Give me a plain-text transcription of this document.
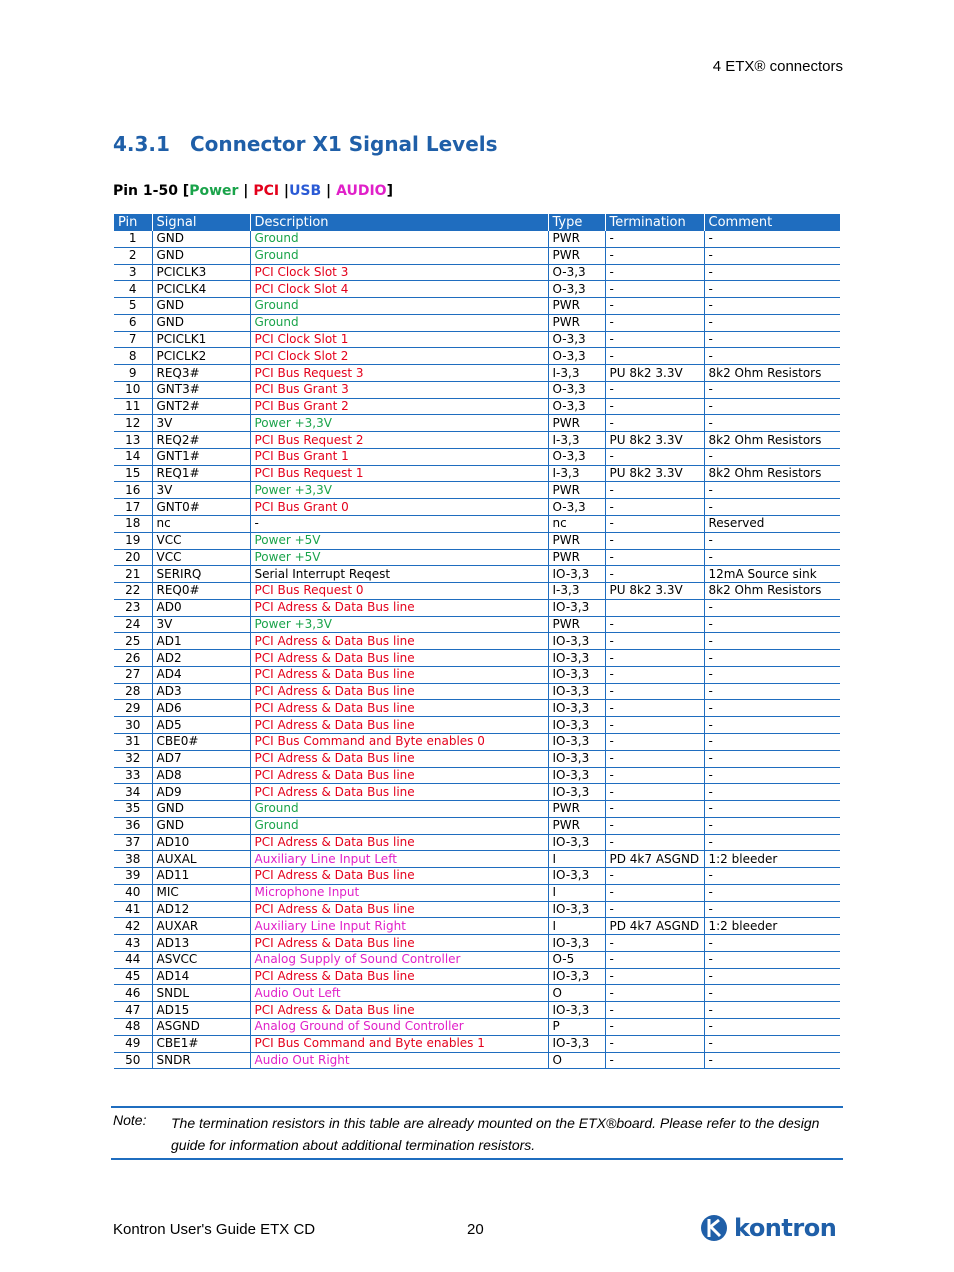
4 ETX® connectors
4.3.1 Connector X1 Signal Levels
Pin 1-50 [Power | PCI |USB | AUDIO]
Pin	Signal	Description	Type	Termination	Comment
1	GND	Ground	PWR	-	-
2	GND	Ground	PWR	-	-
3	PCICLK3	PCI Clock Slot 3	O-3,3	-	-
4	PCICLK4	PCI Clock Slot 4	O-3,3	-	-
5	GND	Ground	PWR	-	-
6	GND	Ground	PWR	-	-
7	PCICLK1	PCI Clock Slot 1	O-3,3	-	-
8	PCICLK2	PCI Clock Slot 2	O-3,3	-	-
9	REQ3#	PCI Bus Request 3	I-3,3	PU 8k2 3.3V	8k2 Ohm Resistors
10	GNT3#	PCI Bus Grant 3	O-3,3	-	-
11	GNT2#	PCI Bus Grant 2	O-3,3	-	-
12	3V	Power +3,3V	PWR	-	-
13	REQ2#	PCI Bus Request 2	I-3,3	PU 8k2 3.3V	8k2 Ohm Resistors
14	GNT1#	PCI Bus Grant 1	O-3,3	-	-
15	REQ1#	PCI Bus Request 1	I-3,3	PU 8k2 3.3V	8k2 Ohm Resistors
16	3V	Power +3,3V	PWR	-	-
17	GNT0#	PCI Bus Grant 0	O-3,3	-	-
18	nc	-	nc	-	Reserved
19	VCC	Power +5V	PWR	-	-
20	VCC	Power +5V	PWR	-	-
21	SERIRQ	Serial Interrupt Reqest	IO-3,3	-	12mA Source sink
22	REQ0#	PCI Bus Request 0	I-3,3	PU 8k2 3.3V	8k2 Ohm Resistors
23	AD0	PCI Adress & Data Bus line	IO-3,3		-
24	3V	Power +3,3V	PWR	-	-
25	AD1	PCI Adress & Data Bus line	IO-3,3	-	-
26	AD2	PCI Adress & Data Bus line	IO-3,3	-	-
27	AD4	PCI Adress & Data Bus line	IO-3,3	-	-
28	AD3	PCI Adress & Data Bus line	IO-3,3	-	-
29	AD6	PCI Adress & Data Bus line	IO-3,3	-	-
30	AD5	PCI Adress & Data Bus line	IO-3,3	-	-
31	CBE0#	PCI Bus Command and Byte enables 0	IO-3,3	-	-
32	AD7	PCI Adress & Data Bus line	IO-3,3	-	-
33	AD8	PCI Adress & Data Bus line	IO-3,3	-	-
34	AD9	PCI Adress & Data Bus line	IO-3,3	-	-
35	GND	Ground	PWR	-	-
36	GND	Ground	PWR	-	-
37	AD10	PCI Adress & Data Bus line	IO-3,3	-	-
38	AUXAL	Auxiliary Line Input Left	I	PD 4k7 ASGND	1:2 bleeder
39	AD11	PCI Adress & Data Bus line	IO-3,3	-	-
40	MIC	Microphone Input	I	-	-
41	AD12	PCI Adress & Data Bus line	IO-3,3	-	-
42	AUXAR	Auxiliary Line Input Right	I	PD 4k7 ASGND	1:2 bleeder
43	AD13	PCI Adress & Data Bus line	IO-3,3	-	-
44	ASVCC	Analog Supply of Sound Controller	O-5	-	-
45	AD14	PCI Adress & Data Bus line	IO-3,3	-	-
46	SNDL	Audio Out Left	O	-	-
47	AD15	PCI Adress & Data Bus line	IO-3,3	-	-
48	ASGND	Analog Ground of Sound Controller	P	-	-
49	CBE1#	PCI Bus Command and Byte enables 1	IO-3,3	-	-
50	SNDR	Audio Out Right	O	-	-
Note: The termination resistors in this table are already mounted on the ETX®board. Please refer to the design guide for information about additional termination resistors.
Kontron User's Guide ETX CD	20	kontron
